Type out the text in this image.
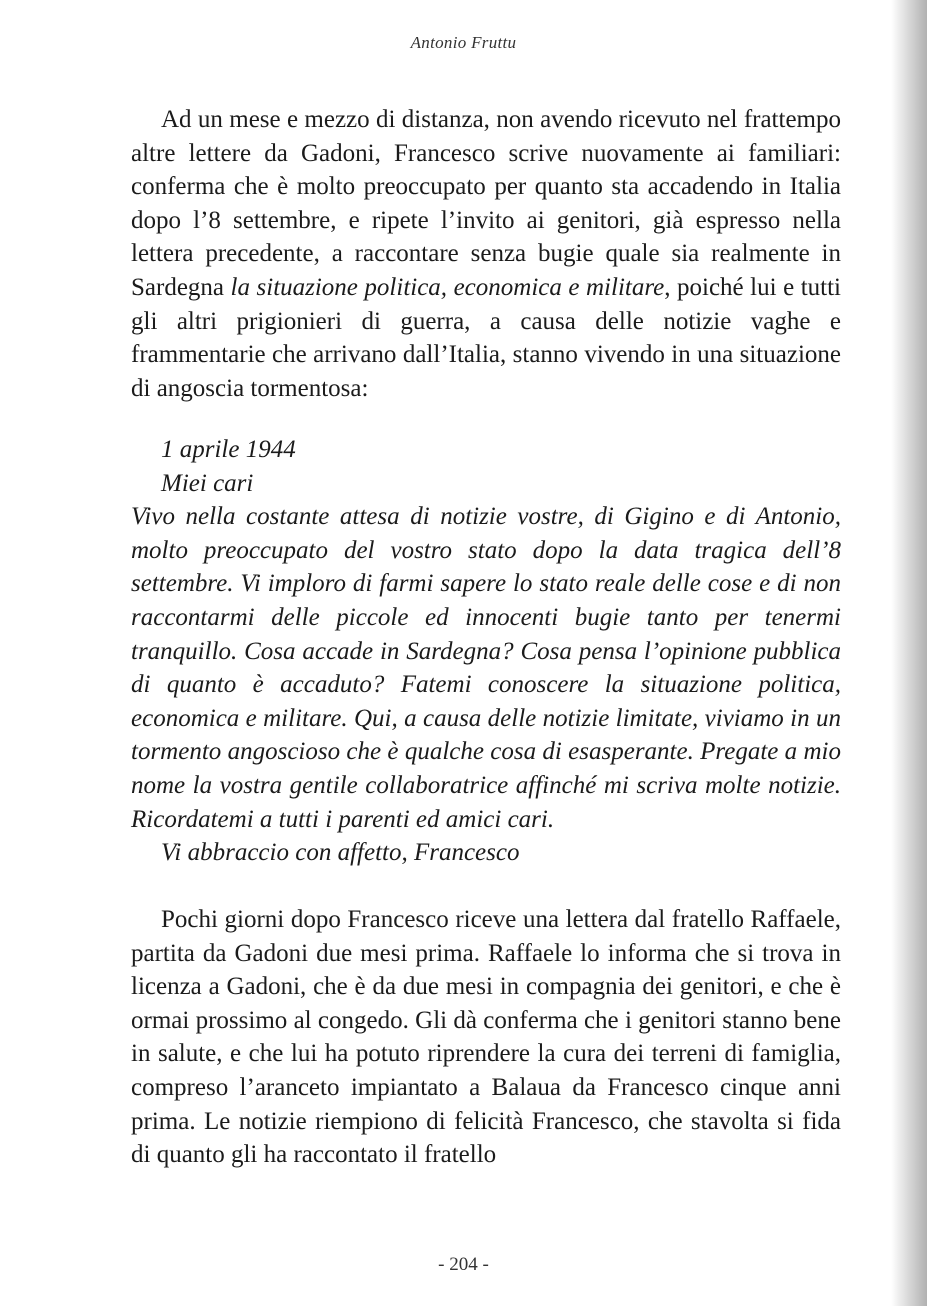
Antonio Fruttu

Ad un mese e mezzo di distanza, non avendo ricevuto nel frattempo altre lettere da Gadoni, Francesco scrive nuovamente ai familiari: conferma che è molto preoccupato per quanto sta accadendo in Italia dopo l’8 settembre, e ripete l’invito ai genitori, già espresso nella lettera precedente, a raccontare senza bugie quale sia realmente in Sardegna la situazione politica, economica e militare, poiché lui e tutti gli altri prigionieri di guerra, a causa delle notizie vaghe e frammentarie che arrivano dall’Italia, stanno vivendo in una situazione di angoscia tormentosa:

1 aprile 1944
Miei cari

Vivo nella costante attesa di notizie vostre, di Gigino e di Antonio, molto preoccupato del vostro stato dopo la data tragica dell’8 settembre. Vi imploro di farmi sapere lo stato reale delle cose e di non raccontarmi delle piccole ed innocenti bugie tanto per tenermi tranquillo. Cosa accade in Sardegna? Cosa pensa l’opinione pubblica di quanto è accaduto? Fatemi conoscere la situazione politica, economica e militare. Qui, a causa delle notizie limitate, viviamo in un tormento angoscioso che è qualche cosa di esasperante. Pregate a mio nome la vostra gentile collaboratrice affinché mi scriva molte notizie. Ricordatemi a tutti i parenti ed amici cari.

Vi abbraccio con affetto, Francesco

Pochi giorni dopo Francesco riceve una lettera dal fratello Raffaele, partita da Gadoni due mesi prima. Raffaele lo informa che si trova in licenza a Gadoni, che è da due mesi in compagnia dei genitori, e che è ormai prossimo al congedo. Gli dà conferma che i genitori stanno bene in salute, e che lui ha potuto riprendere la cura dei terreni di famiglia, compreso l’aranceto impiantato a Balaua da Francesco cinque anni prima. Le notizie riempiono di felicità Francesco, che stavolta si fida di quanto gli ha raccontato il fratello

- 204 -
